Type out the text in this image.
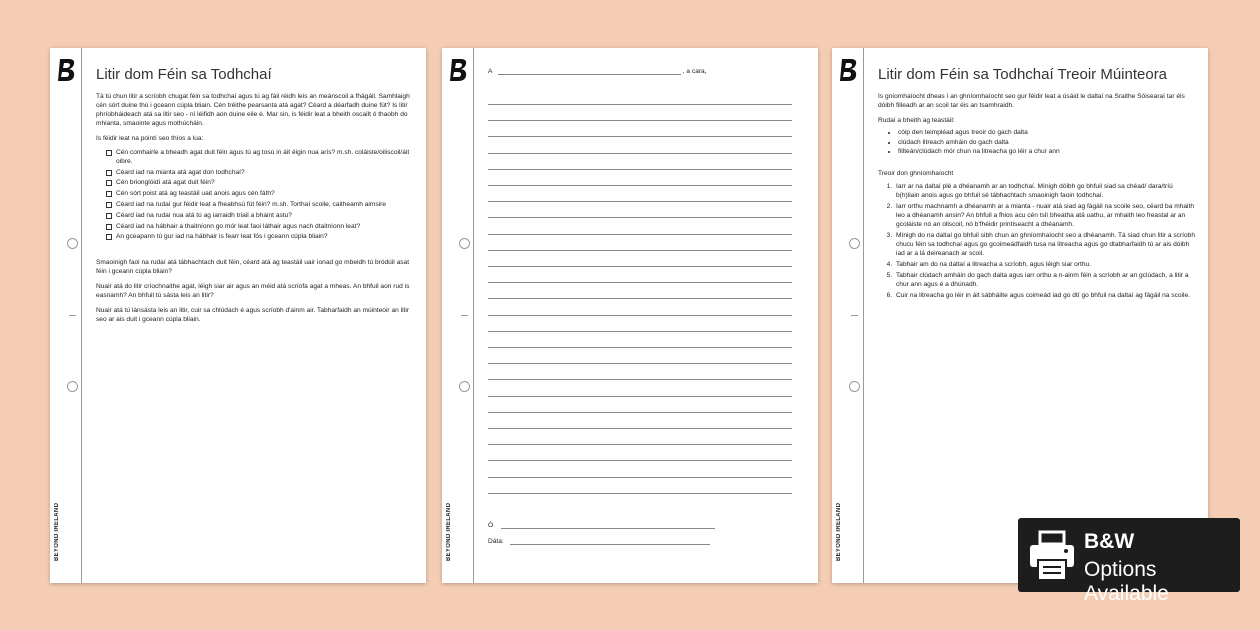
BEYOND IRELAND
Litir dom Féin sa Todhchaí
Tá tú chun litir a scríobh chugat féin sa todhchaí agus tú ag fáil réidh leis an meánscoil a fhágáil. Samhlaigh cén sórt duine thú i gceann cúpla bliain. Cén tréithe pearsanta atá agat? Céard a déarfadh duine fút? Is litir phríobháideach atá sa litir seo - ní léifidh aon duine eile é. Mar sin, is féidir leat a bheith oscailt ó thaobh do mhianta, smaointe agus mothúcháin.
Is féidir leat na pointí seo thíos a lua:
Cén comhairle a bheadh agat duit féin agus tú ag tosú in áit éigin nua arís? m.sh. coláiste/oiliscoil/áit oibre.
Céard iad na mianta atá agat don todhchaí?
Cén brionglóidí atá agat duit féin?
Cén sórt poist atá ag teastáil uait anois agus cén fáth?
Céard iad na rudaí gur féidir leat a fheabhsú fút féin? m.sh. Torthaí scoile, caitheamh aimsire
Céard iad na rudaí nua atá tú ag iarraidh triail a bhaint astu?
Céard iad na hábhair a thaitníonn go mór leat faoi láthair agus nach dtaitníonn leat?
An gceapann tú gur iad na hábhair is fearr leat fós i gceann cúpla bliain?
Smaoinigh faoi na rudaí atá tábhachtach duit féin, céard atá ag teastáil uair ionad go mbeidh tú bródúil asat féin i gceann cúpla bliain?
Nuair atá do litir críochnaithe agat, léigh siar air agus an méid atá scríofa agat a mheas. An bhfuil aon rud is easnamh? An bhfuil tú sásta leis an litir?
Nuair atá tú lánsásta leis an litir, cuir sa chlúdach é agus scríobh d'ainm air. Tabharfaidh an múinteoir an litir seo ar ais duit i gceann cúpla bliain.
BEYOND IRELAND
A	, a cara,
Ó
Dáta:	BEYOND IRELAND
Litir dom Féin sa Todhchaí Treoir Múinteora
Is gníomhaíocht dheas í an ghníomhaíocht seo gur féidir leat a úsáid le daltaí na Sraithe Sóisearaí tar éis dóibh filleadh ar an scoil tar éis an tsamhraidh.
Rudaí a bheith ag teastáil:
• cóip den teimpléad agus treoir do gach dalta
• clúdach litreach amháin do gach dalta
• fillteán/clúdach mór chun na litreacha go léir a chur ann
Treoir don ghníomhaíocht
1. Iarr ar na daltaí plé a dhéanamh ar an todhchaí. Mínigh dóibh go bhfuil siad sa chéad/ dara/tríú b(h)liain anois agus go bhfuil sé tábhachtach smaoinigh faoin todhchaí.
2. Iarr orthu machnamh a dhéanamh ar a mianta - nuair atá siad ag fágáil na scoile seo, céard ba mhaith leo a dhéanamh ansin? An bhfuil a fhios acu cén tslí bheatha atá uathu, ar mhaith leo freastal ar an gcoláiste nó an ollscoil, nó b'fhéidir printíseacht a dhéanamh.
3. Mínigh do na daltaí go bhfuil sibh chun an ghníomhaíocht seo a dhéanamh. Tá siad chun litir a scríobh chucu féin sa todhchaí agus go gcoimeádfaidh tusa na litreacha agus go dtabharfaidh tú ar ais dóibh iad ar a lá deireanach ar scoil.
4. Tabhair am do na daltaí a litreacha a scríobh, agus léigh siar orthu.
5. Tabhair clúdach amháin do gach dalta agus iarr orthu a n-ainm féin a scríobh ar an gclúdach, a litir a chur ann agus é a dhúnadh.
6. Cuir na litreacha go léir in áit sábháilte agus coimeád iad go dtí go bhfuil na daltaí ag fágáil na scoile.
B&W
Options Available
